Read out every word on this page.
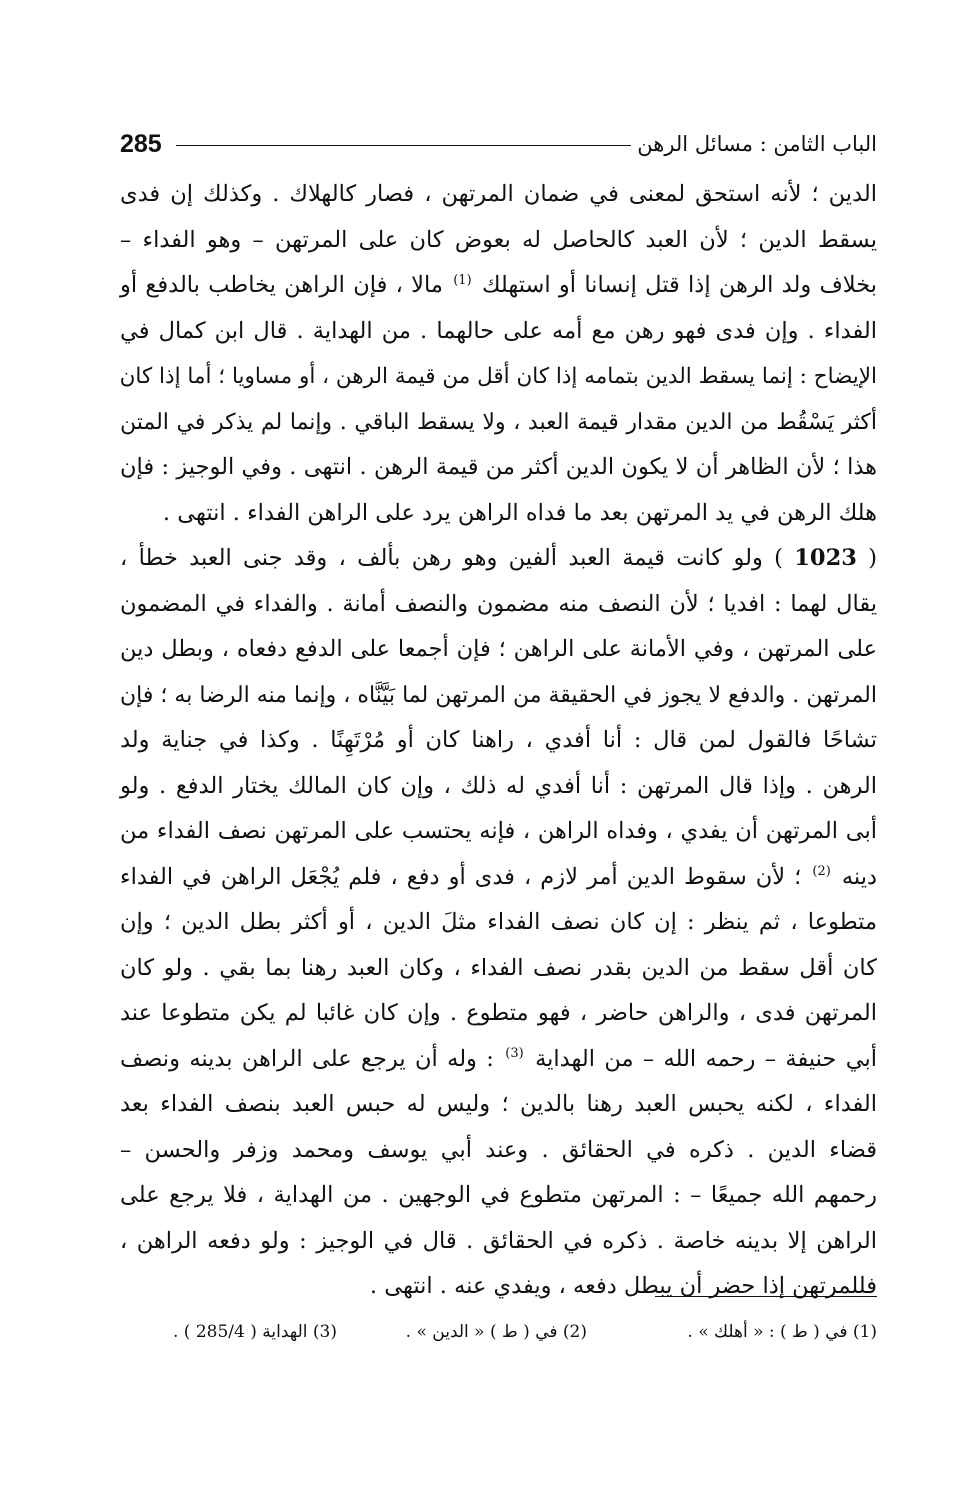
285	الباب الثامن : مسائل الرهن
الدين ؛ لأنه استحق لمعنى في ضمان المرتهن ، فصار كالهلاك . وكذلك إن فدى
يسقط الدين ؛ لأن العبد كالحاصل له بعوض كان على المرتهن – وهو الفداء –
بخلاف ولد الرهن إذا قتل إنسانا أو استهلك $^{(1)}$ مالا ، فإن الراهن يخاطب بالدفع أو
الفداء . وإن فدى فهو رهن مع أمه على حالهما . من الهداية . قال ابن كمال في
الإيضاح : إنما يسقط الدين بتمامه إذا كان أقل من قيمة الرهن ، أو مساويا ؛ أما إذا كان
أكثر يَسْقُط من الدين مقدار قيمة العبد ، ولا يسقط الباقي . وإنما لم يذكر في المتن
هذا ؛ لأن الظاهر أن لا يكون الدين أكثر من قيمة الرهن . انتهى . وفي الوجيز : فإن
هلك الرهن في يد المرتهن بعد ما فداه الراهن يرد على الراهن الفداء . انتهى .
( 1023 ) ولو كانت قيمة العبد ألفين وهو رهن بألف ، وقد جنى العبد خطأ ،
يقال لهما : افديا ؛ لأن النصف منه مضمون والنصف أمانة . والفداء في المضمون
على المرتهن ، وفي الأمانة على الراهن ؛ فإن أجمعا على الدفع دفعاه ، وبطل دين
المرتهن . والدفع لا يجوز في الحقيقة من المرتهن لما بَيَّنَّاه ، وإنما منه الرضا به ؛ فإن
تشاحًا فالقول لمن قال : أنا أفدي ، راهنا كان أو مُرْتَهِنًا . وكذا في جناية ولد
الرهن . وإذا قال المرتهن : أنا أفدي له ذلك ، وإن كان المالك يختار الدفع . ولو
أبى المرتهن أن يفدي ، وفداه الراهن ، فإنه يحتسب على المرتهن نصف الفداء من
دينه $^{(2)}$ ؛ لأن سقوط الدين أمر لازم ، فدى أو دفع ، فلم يُجْعَل الراهن في الفداء
متطوعا ، ثم ينظر : إن كان نصف الفداء مثلَ الدين ، أو أكثر بطل الدين ؛ وإن
كان أقل سقط من الدين بقدر نصف الفداء ، وكان العبد رهنا بما بقي . ولو كان
المرتهن فدى ، والراهن حاضر ، فهو متطوع . وإن كان غائبا لم يكن متطوعا عند
أبي حنيفة – رحمه الله – من الهداية $^{(3)}$ : وله أن يرجع على الراهن بدينه ونصف
الفداء ، لكنه يحبس العبد رهنا بالدين ؛ وليس له حبس العبد بنصف الفداء بعد
قضاء الدين . ذكره في الحقائق . وعند أبي يوسف ومحمد وزفر والحسن –
رحمهم الله جميعًا – : المرتهن متطوع في الوجهين . من الهداية ، فلا يرجع على
الراهن إلا بدينه خاصة . ذكره في الحقائق . قال في الوجيز : ولو دفعه الراهن ،
فللمرتهن إذا حضر أن يبطل دفعه ، ويفدي عنه . انتهى .
(1) في ( ط ) : « أهلك » .
(2) في ( ط ) « الدين » .
(3) الهداية ( 285/4 ) .
